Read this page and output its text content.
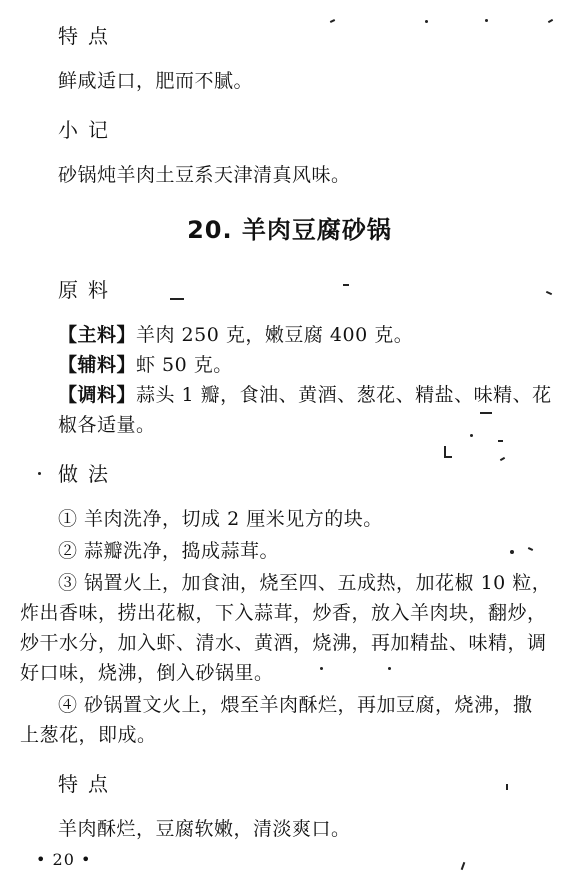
特点
鲜咸适口，肥而不腻。
小记
砂锅炖羊肉土豆系天津清真风味。
20. 羊肉豆腐砂锅
原料
【主料】羊肉 250 克，嫩豆腐 400 克。
【辅料】虾 50 克。
【调料】蒜头 1 瓣，食油、黄酒、葱花、精盐、味精、花
椒各适量。
做法
① 羊肉洗净，切成 2 厘米见方的块。
② 蒜瓣洗净，捣成蒜茸。
③ 锅置火上，加食油，烧至四、五成热，加花椒 10 粒，
炸出香味，捞出花椒，下入蒜茸，炒香，放入羊肉块，翻炒，
炒干水分，加入虾、清水、黄酒，烧沸，再加精盐、味精，调
好口味，烧沸，倒入砂锅里。
④ 砂锅置文火上，煨至羊肉酥烂，再加豆腐，烧沸，撒
上葱花，即成。
特点
羊肉酥烂，豆腐软嫩，清淡爽口。
• 20 •
